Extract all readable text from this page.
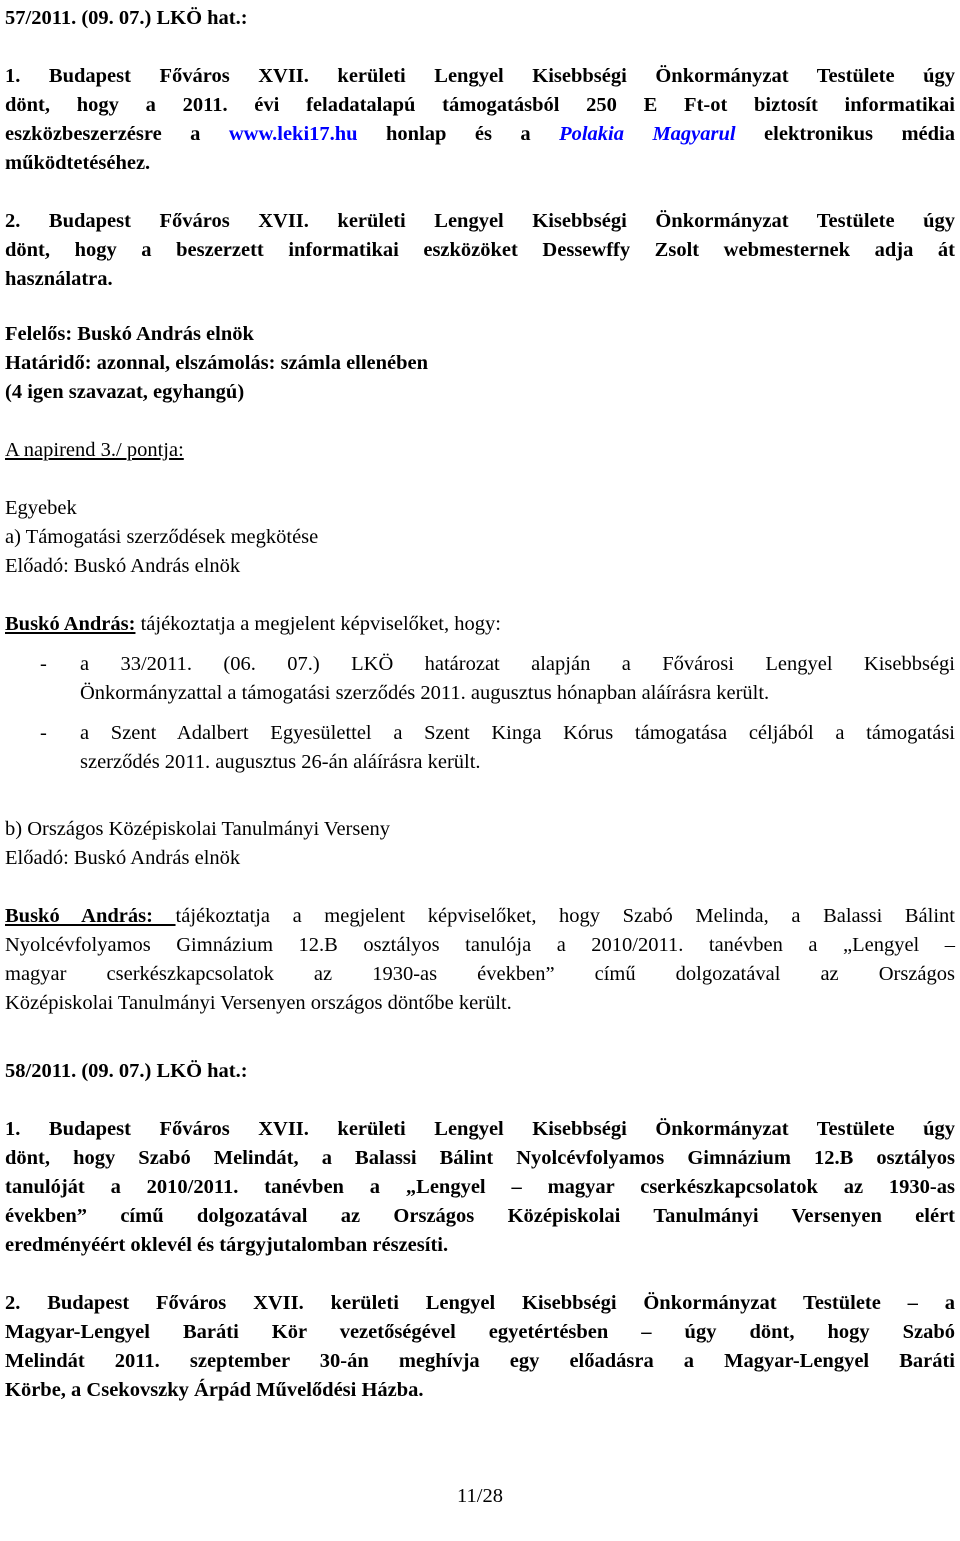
57/2011. (09. 07.) LKÖ hat.:
1. Budapest Főváros XVII. kerületi Lengyel Kisebbségi Önkormányzat Testülete úgy
dönt, hogy a 2011. évi feladatalapú támogatásból 250 E Ft-ot biztosít informatikai
eszközbeszerzésre a www.leki17.hu honlap és a Polakia Magyarul elektronikus média
működtetéséhez.
2. Budapest Főváros XVII. kerületi Lengyel Kisebbségi Önkormányzat Testülete úgy
dönt, hogy a beszerzett informatikai eszközöket Dessewffy Zsolt webmesternek adja át
használatra.
Felelős: Buskó András elnök
Határidő: azonnal, elszámolás: számla ellenében
(4 igen szavazat, egyhangú)
A napirend 3./ pontja:
Egyebek
a) Támogatási szerződések megkötése
Előadó: Buskó András elnök
Buskó András: tájékoztatja a megjelent képviselőket, hogy:
- a 33/2011. (06. 07.) LKÖ határozat alapján a Fővárosi Lengyel Kisebbségi
Önkormányzattal a támogatási szerződés 2011. augusztus hónapban aláírásra került.
- a Szent Adalbert Egyesülettel a Szent Kinga Kórus támogatása céljából a támogatási
szerződés 2011. augusztus 26-án aláírásra került.
b) Országos Középiskolai Tanulmányi Verseny
Előadó: Buskó András elnök
Buskó András: tájékoztatja a megjelent képviselőket, hogy Szabó Melinda, a Balassi Bálint
Nyolcévfolyamos Gimnázium 12.B osztályos tanulója a 2010/2011. tanévben a „Lengyel –
magyar cserkészkapcsolatok az 1930-as években” című dolgozatával az Országos
Középiskolai Tanulmányi Versenyen országos döntőbe került.
58/2011. (09. 07.) LKÖ hat.:
1. Budapest Főváros XVII. kerületi Lengyel Kisebbségi Önkormányzat Testülete úgy
dönt, hogy Szabó Melindát, a Balassi Bálint Nyolcévfolyamos Gimnázium 12.B osztályos
tanulóját a 2010/2011. tanévben a „Lengyel – magyar cserkészkapcsolatok az 1930-as
években” című dolgozatával az Országos Középiskolai Tanulmányi Versenyen elért
eredményéért oklevél és tárgyjutalomban részesíti.
2. Budapest Főváros XVII. kerületi Lengyel Kisebbségi Önkormányzat Testülete – a
Magyar-Lengyel Baráti Kör vezetőségével egyetértésben – úgy dönt, hogy Szabó
Melindát 2011. szeptember 30-án meghívja egy előadásra a Magyar-Lengyel Baráti
Körbe, a Csekovszky Árpád Művelődési Házba.
11/28
